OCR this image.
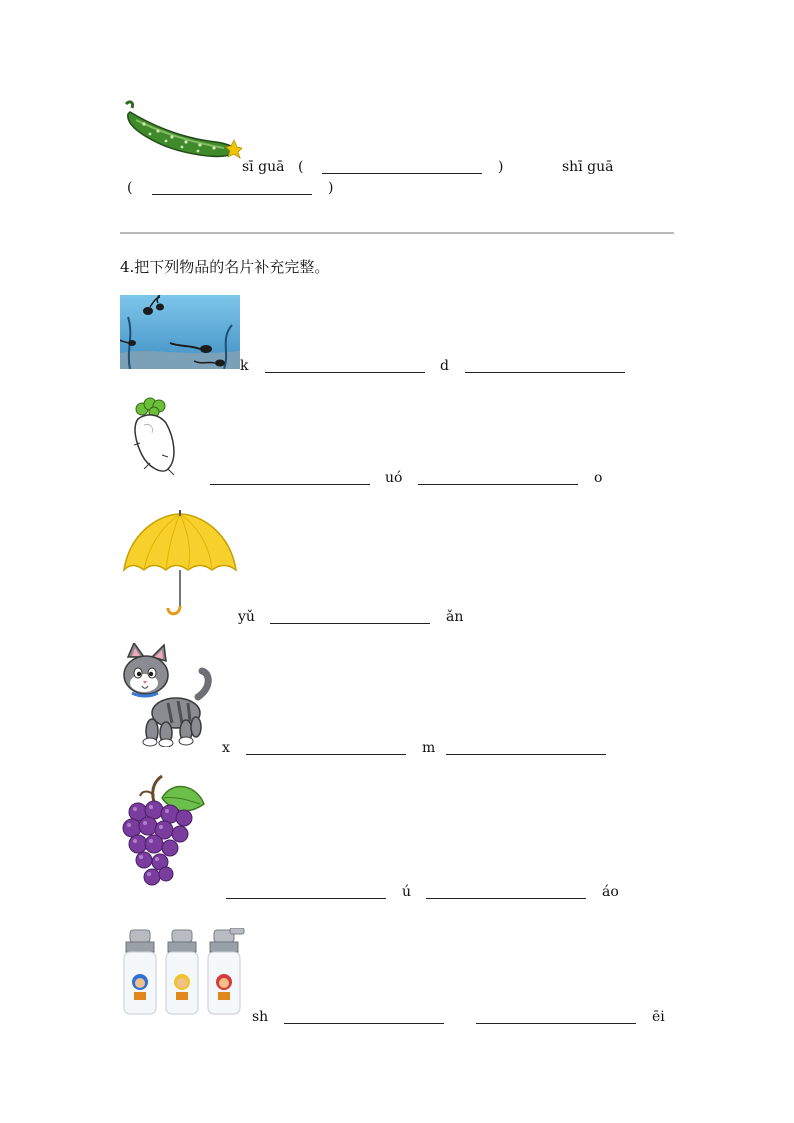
sī guā (	)	shī guā
(	)
4.把下列物品的名片补充完整。
k	d
uó	o
yǔ	ǎn
x	m
ú	áo
sh	ēi
